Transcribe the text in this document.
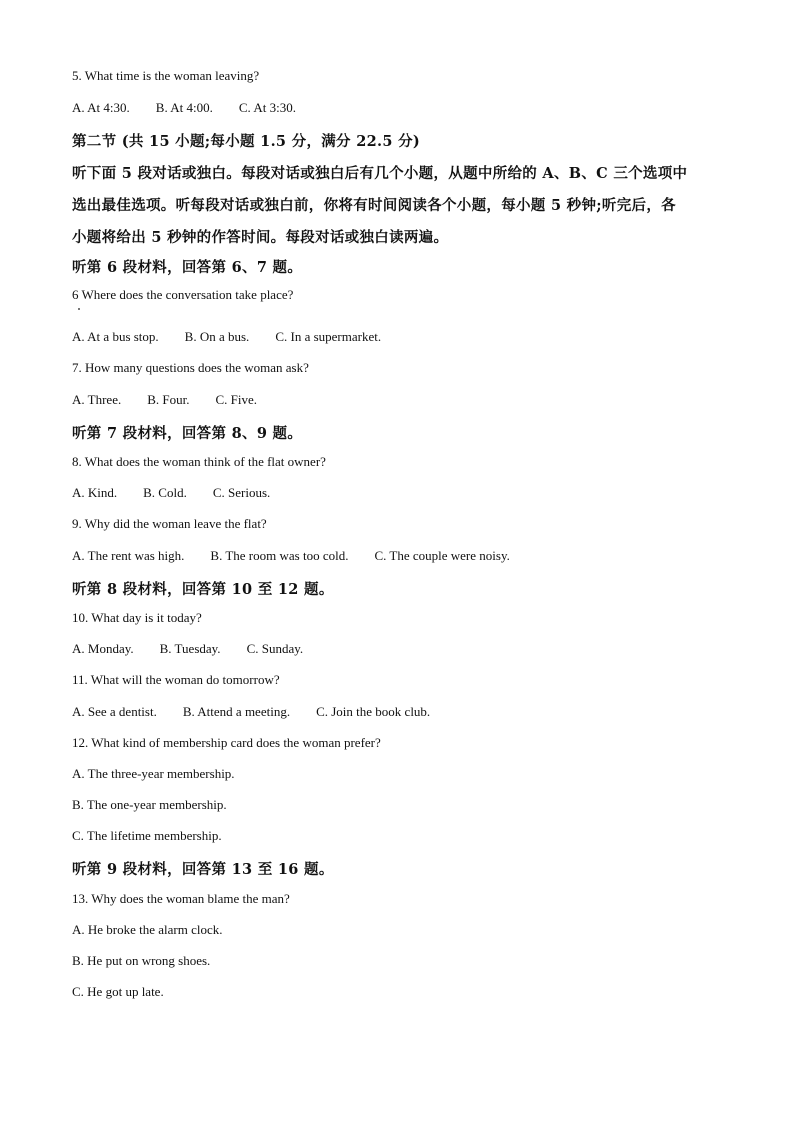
5. What time is the woman leaving?
A. At 4:30. B. At 4:00. C. At 3:30.
第二节 (共 15 小题;每小题 1.5 分，满分 22.5 分)
听下面 5 段对话或独白。每段对话或独白后有几个小题，从题中所给的 A、B、C 三个选项中
选出最佳选项。听每段对话或独白前，你将有时间阅读各个小题，每小题 5 秒钟;听完后，各
小题将给出 5 秒钟的作答时间。每段对话或独白读两遍。
听第 6 段材料，回答第 6、7 题。
6 Where does the conversation take place?
A. At a bus stop. B. On a bus. C. In a supermarket.
7. How many questions does the woman ask?
A. Three. B. Four. C. Five.
听第 7 段材料，回答第 8、9 题。
8. What does the woman think of the flat owner?
A. Kind. B. Cold. C. Serious.
9. Why did the woman leave the flat?
A. The rent was high. B. The room was too cold. C. The couple were noisy.
听第 8 段材料，回答第 10 至 12 题。
10. What day is it today?
A. Monday. B. Tuesday. C. Sunday.
11. What will the woman do tomorrow?
A. See a dentist. B. Attend a meeting. C. Join the book club.
12. What kind of membership card does the woman prefer?
A. The three-year membership.
B. The one-year membership.
C. The lifetime membership.
听第 9 段材料，回答第 13 至 16 题。
13. Why does the woman blame the man?
A. He broke the alarm clock.
B. He put on wrong shoes.
C. He got up late.
